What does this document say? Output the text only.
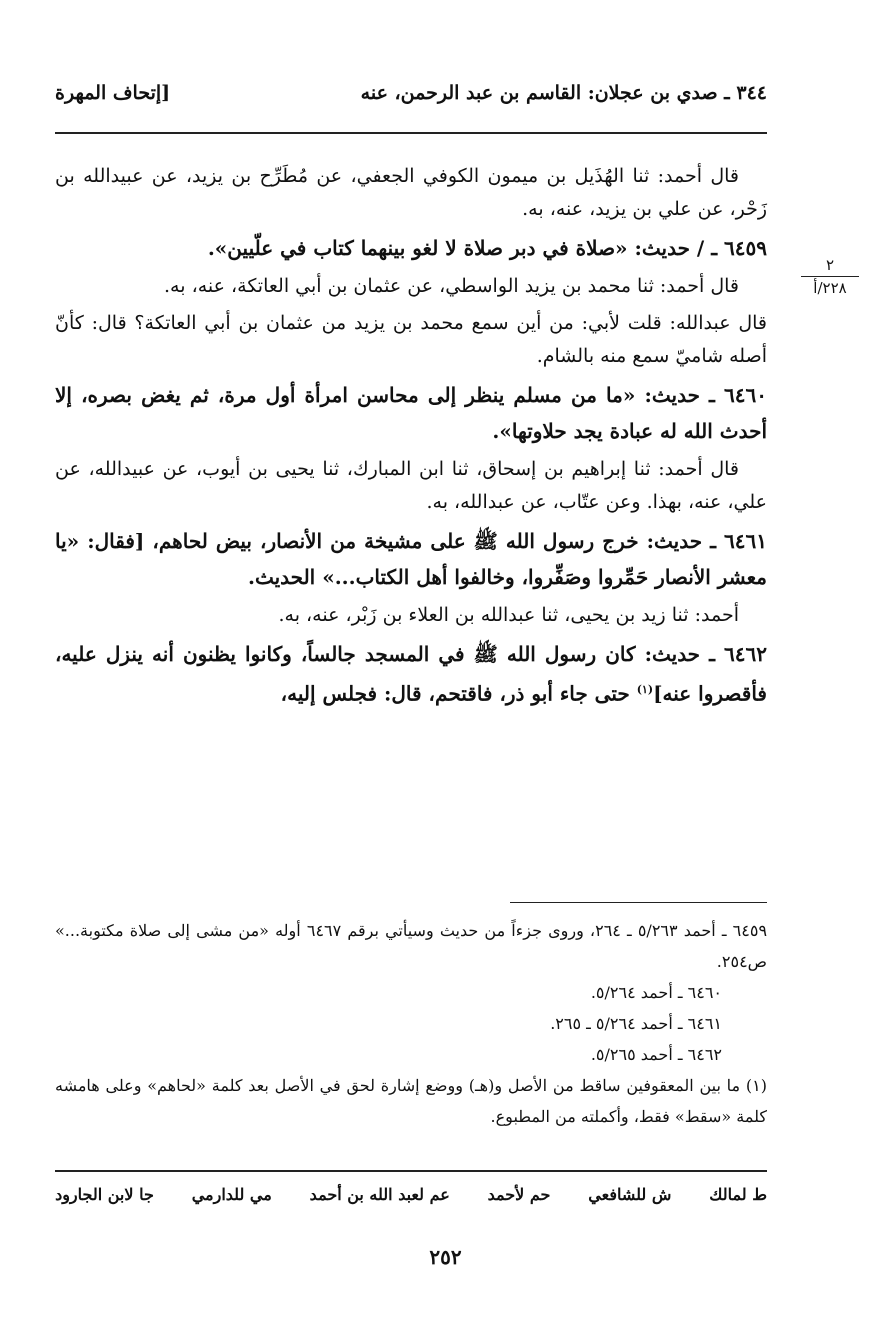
٣٤٤ ـ صدي بن عجلان: القاسم بن عبد الرحمن، عنه
[إتحاف المهرة
٢
٢٢٨/أ

قال أحمد: ثنا الهُذَيل بن ميمون الكوفي الجعفي، عن مُطَرِّح بن يزيد، عن عبيدالله بن زَحْر، عن علي بن يزيد، عنه، به.

٦٤٥٩ ـ / حديث: «صلاة في دبر صلاة لا لغو بينهما كتاب في علّيين».

قال أحمد: ثنا محمد بن يزيد الواسطي، عن عثمان بن أبي العاتكة، عنه، به.

قال عبدالله: قلت لأبي: من أين سمع محمد بن يزيد من عثمان بن أبي العاتكة؟ قال: كأنّ أصله شاميّ سمع منه بالشام.

٦٤٦٠ ـ حديث: «ما من مسلم ينظر إلى محاسن امرأة أول مرة، ثم يغض بصره، إلا أحدث الله له عبادة يجد حلاوتها».

قال أحمد: ثنا إبراهيم بن إسحاق، ثنا ابن المبارك، ثنا يحيى بن أيوب، عن عبيدالله، عن علي، عنه، بهذا. وعن عتّاب، عن عبدالله، به.

٦٤٦١ ـ حديث: خرج رسول الله ﷺ على مشيخة من الأنصار، بيض لحاهم، [فقال: «يا معشر الأنصار حَمِّروا وصَفِّروا، وخالفوا أهل الكتاب...» الحديث.

أحمد: ثنا زيد بن يحيى، ثنا عبدالله بن العلاء بن زَبْر، عنه، به.

٦٤٦٢ ـ حديث: كان رسول الله ﷺ في المسجد جالساً، وكانوا يظنون أنه ينزل عليه، فأقصروا عنه]$^{(١)}$ حتى جاء أبو ذر، فاقتحم، قال: فجلس إليه،

٦٤٥٩ ـ أحمد ٥/٢٦٣ ـ ٢٦٤، وروى جزءاً من حديث وسيأتي برقم ٦٤٦٧ أوله «من مشى إلى صلاة مكتوبة...» ص٢٥٤.

٦٤٦٠ ـ أحمد ٥/٢٦٤.

٦٤٦١ ـ أحمد ٥/٢٦٤ ـ ٢٦٥.

٦٤٦٢ ـ أحمد ٥/٢٦٥.

(١) ما بين المعقوفين ساقط من الأصل و(هـ) ووضع إشارة لحق في الأصل بعد كلمة «لحاهم» وعلى هامشه كلمة «سقط» فقط، وأكملته من المطبوع.

ط لمالك
ش للشافعي
حم لأحمد
عم لعبد الله بن أحمد
مي للدارمي
جا لابن الجارود
٢٥٢
